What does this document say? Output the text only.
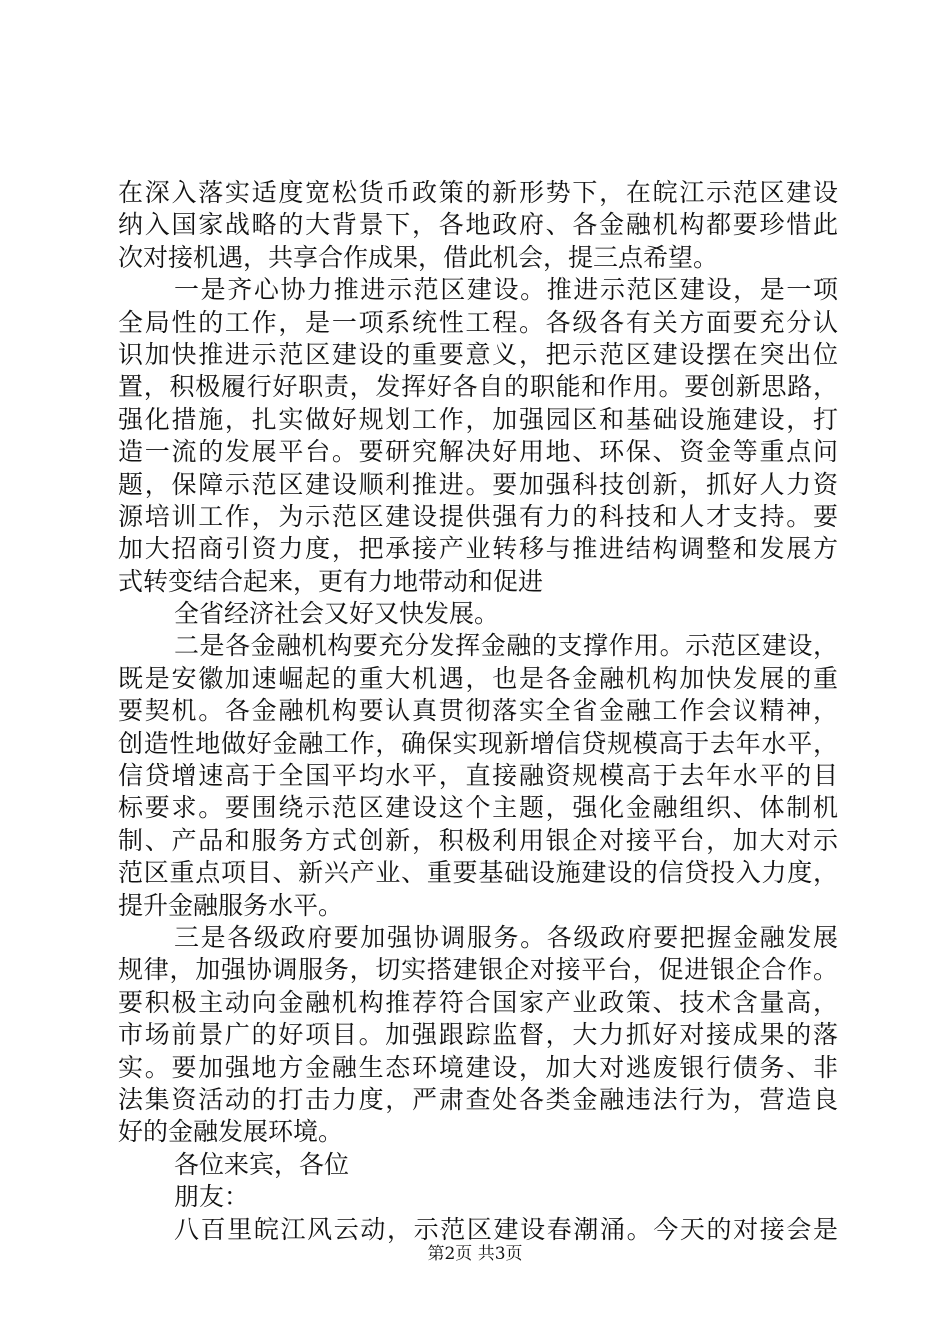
在深入落实适度宽松货币政策的新形势下，在皖江示范区建设
纳入国家战略的大背景下，各地政府、各金融机构都要珍惜此
次对接机遇，共享合作成果，借此机会，提三点希望。
一是齐心协力推进示范区建设。推进示范区建设，是一项
全局性的工作，是一项系统性工程。各级各有关方面要充分认
识加快推进示范区建设的重要意义，把示范区建设摆在突出位
置，积极履行好职责，发挥好各自的职能和作用。要创新思路，
强化措施，扎实做好规划工作，加强园区和基础设施建设，打
造一流的发展平台。要研究解决好用地、环保、资金等重点问
题，保障示范区建设顺利推进。要加强科技创新，抓好人力资
源培训工作，为示范区建设提供强有力的科技和人才支持。要
加大招商引资力度，把承接产业转移与推进结构调整和发展方
式转变结合起来，更有力地带动和促进
全省经济社会又好又快发展。
二是各金融机构要充分发挥金融的支撑作用。示范区建设，
既是安徽加速崛起的重大机遇，也是各金融机构加快发展的重
要契机。各金融机构要认真贯彻落实全省金融工作会议精神，
创造性地做好金融工作，确保实现新增信贷规模高于去年水平，
信贷增速高于全国平均水平，直接融资规模高于去年水平的目
标要求。要围绕示范区建设这个主题，强化金融组织、体制机
制、产品和服务方式创新，积极利用银企对接平台，加大对示
范区重点项目、新兴产业、重要基础设施建设的信贷投入力度，
提升金融服务水平。
三是各级政府要加强协调服务。各级政府要把握金融发展
规律，加强协调服务，切实搭建银企对接平台，促进银企合作。
要积极主动向金融机构推荐符合国家产业政策、技术含量高，
市场前景广的好项目。加强跟踪监督，大力抓好对接成果的落
实。要加强地方金融生态环境建设，加大对逃废银行债务、非
法集资活动的打击力度，严肃查处各类金融违法行为，营造良
好的金融发展环境。
各位来宾，各位
朋友：
八百里皖江风云动，示范区建设春潮涌。今天的对接会是
第2页 共3页
